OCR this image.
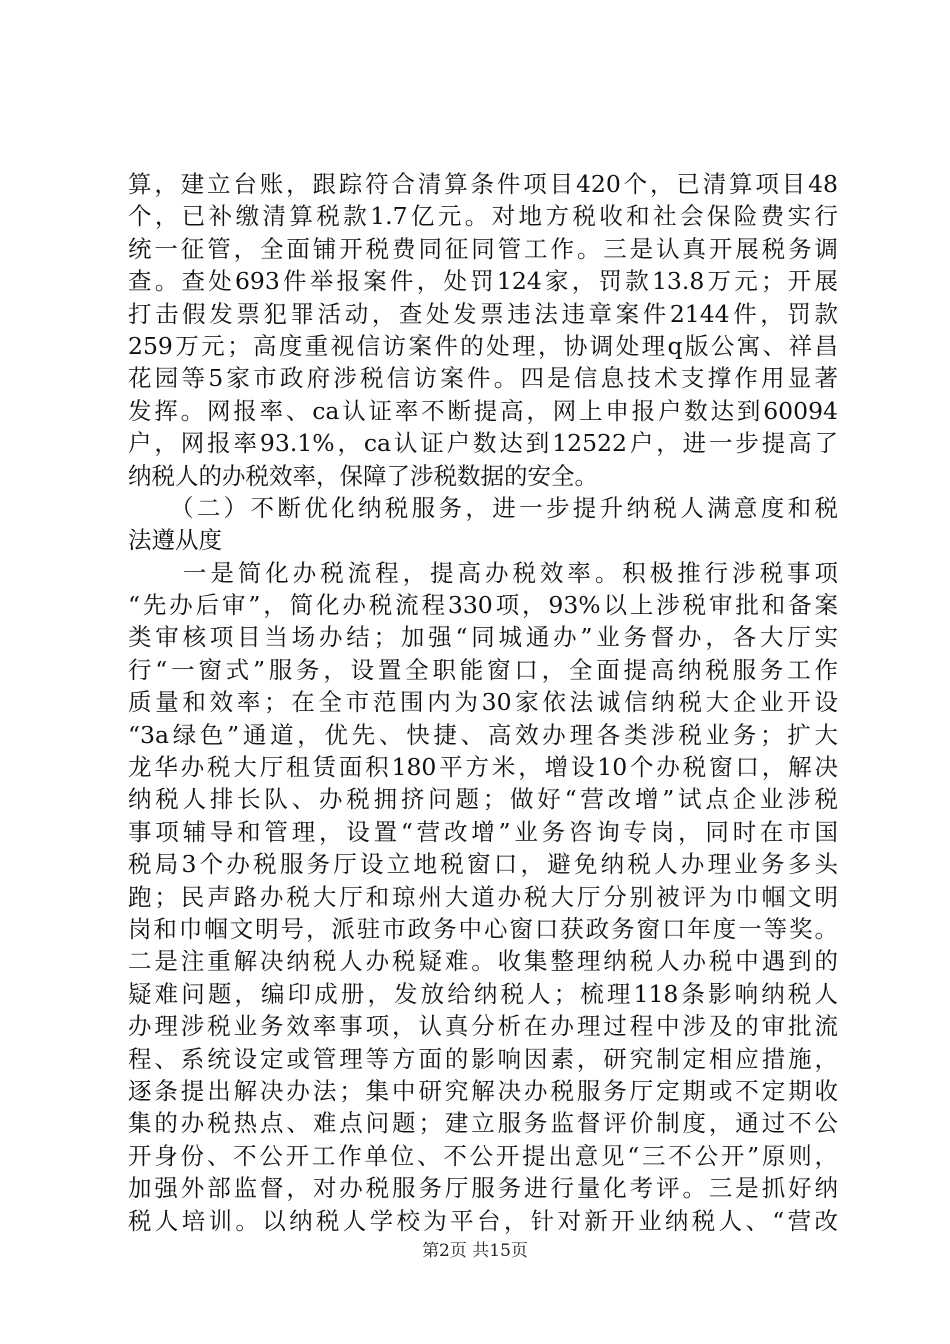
算，建立台账，跟踪符合清算条件项目420个，已清算项目48
个，已补缴清算税款1.7亿元。对地方税收和社会保险费实行
统一征管，全面铺开税费同征同管工作。三是认真开展税务调
查。查处693件举报案件，处罚124家，罚款13.8万元；开展
打击假发票犯罪活动，查处发票违法违章案件2144件，罚款
259万元；高度重视信访案件的处理，协调处理q版公寓、祥昌
花园等5家市政府涉税信访案件。四是信息技术支撑作用显著
发挥。网报率、ca认证率不断提高，网上申报户数达到60094
户，网报率93.1%，ca认证户数达到12522户，进一步提高了
纳税人的办税效率，保障了涉税数据的安全。
　　（二）不断优化纳税服务，进一步提升纳税人满意度和税
法遵从度
　　一是简化办税流程，提高办税效率。积极推行涉税事项
“先办后审”，简化办税流程330项，93%以上涉税审批和备案
类审核项目当场办结；加强“同城通办”业务督办，各大厅实
行“一窗式”服务，设置全职能窗口，全面提高纳税服务工作
质量和效率；在全市范围内为30家依法诚信纳税大企业开设
“3a绿色”通道，优先、快捷、高效办理各类涉税业务；扩大
龙华办税大厅租赁面积180平方米，增设10个办税窗口，解决
纳税人排长队、办税拥挤问题；做好“营改增”试点企业涉税
事项辅导和管理，设置“营改增”业务咨询专岗，同时在市国
税局3个办税服务厅设立地税窗口，避免纳税人办理业务多头
跑；民声路办税大厅和琼州大道办税大厅分别被评为巾帼文明
岗和巾帼文明号，派驻市政务中心窗口获政务窗口年度一等奖。
二是注重解决纳税人办税疑难。收集整理纳税人办税中遇到的
疑难问题，编印成册，发放给纳税人；梳理118条影响纳税人
办理涉税业务效率事项，认真分析在办理过程中涉及的审批流
程、系统设定或管理等方面的影响因素，研究制定相应措施，
逐条提出解决办法；集中研究解决办税服务厅定期或不定期收
集的办税热点、难点问题；建立服务监督评价制度，通过不公
开身份、不公开工作单位、不公开提出意见“三不公开”原则，
加强外部监督，对办税服务厅服务进行量化考评。三是抓好纳
税人培训。以纳税人学校为平台，针对新开业纳税人、“营改
第2页 共15页
